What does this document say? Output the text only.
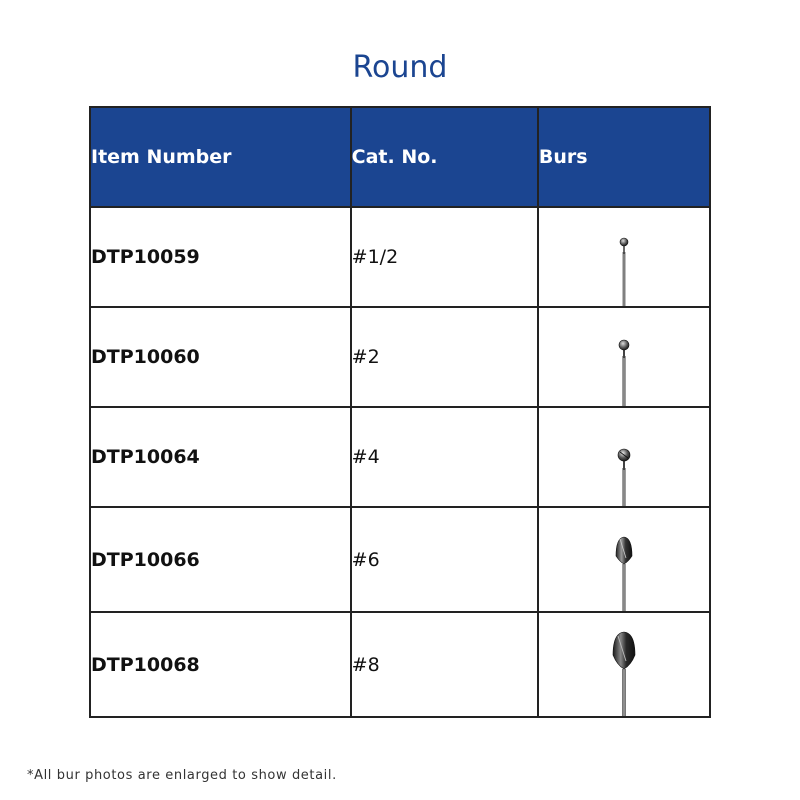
Round
Item Number	Cat. No.	Burs
DTP10059	#1/2	

DTP10060	#2	

DTP10064	#4	

DTP10066	#6	

DTP10068	#8	
*All bur photos are enlarged to show detail.
